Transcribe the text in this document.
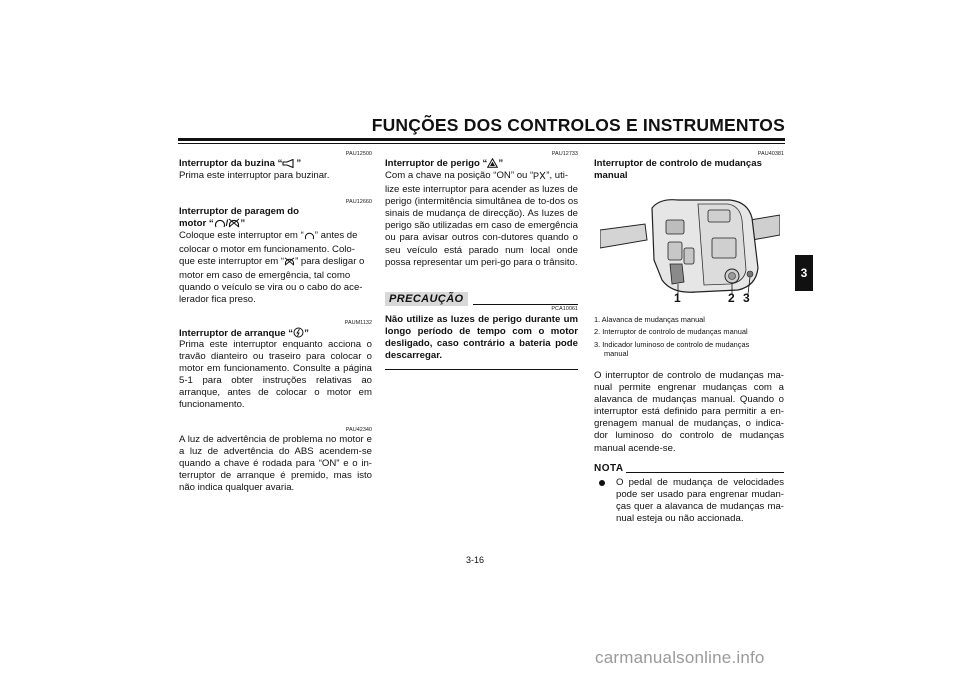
FUNÇÕES DOS CONTROLOS E INSTRUMENTOS
3
PAU12500
Interruptor da buzina “ ”
Prima este interruptor para buzinar.
PAU12660
Interruptor de paragem do
motor “ / ”
Coloque este interruptor em “ ” antes de
colocar o motor em funcionamento. Colo-
que este interruptor em “ ” para desligar o
motor em caso de emergência, tal como
quando o veículo se vira ou o cabo do ace-
lerador fica preso.
PAUM1132
Interruptor de arranque “ ”
Prima este interruptor enquanto acciona o travão dianteiro ou traseiro para colocar o motor em funcionamento. Consulte a página 5-1 para obter instruções relativas ao arranque, antes de colocar o motor em funcionamento.
PAU42340
A luz de advertência de problema no motor e a luz de advertência do ABS acendem-se quando a chave é rodada para “ON” e o in-terruptor de arranque é premido, mas isto não indica qualquer avaria.
PAU12733
Interruptor de perigo “ ”
Com a chave na posição “ON” ou “ P ”, uti-
lize este interruptor para acender as luzes de perigo (intermitência simultânea de to-dos os sinais de mudança de direcção). As luzes de perigo são utilizadas em caso de emergência ou para avisar outros con-dutores quando o seu veículo está parado num local onde possa representar um peri-go para o trânsito.
PRECAUÇÃO
PCA10061
Não utilize as luzes de perigo durante um longo período de tempo com o motor desligado, caso contrário a bateria pode descarregar.
PAU40381
Interruptor de controlo de mudanças manual
1	2 3
1. Alavanca de mudanças manual
2. Interruptor de controlo de mudanças manual
3. Indicador luminoso de controlo de mudanças
manual
O interruptor de controlo de mudanças ma-nual permite engrenar mudanças com a alavanca de mudanças manual. Quando o interruptor está definido para permitir a en-grenagem manual de mudanças, o indica-dor luminoso do controlo de mudanças manual acende-se.
NOTA
O pedal de mudança de velocidades pode ser usado para engrenar mudan-ças quer a alavanca de mudanças ma-nual esteja ou não accionada.
3-16
carmanualsonline.info
